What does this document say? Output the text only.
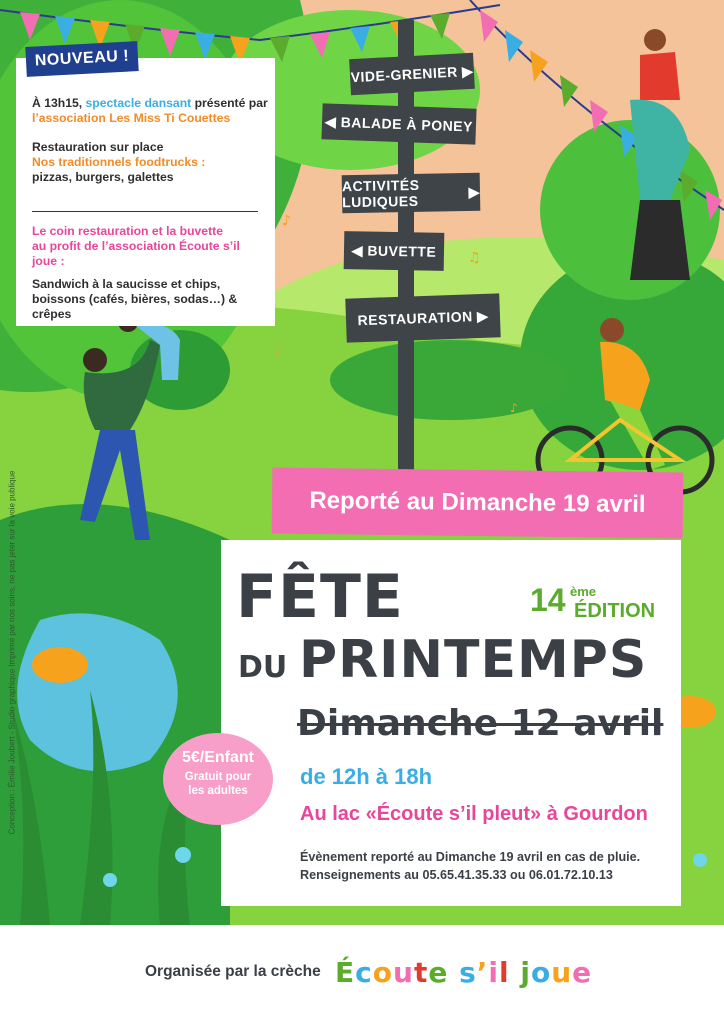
♪
♫
♪
♪
NOUVEAU !
À 13h15, spectacle dansant présenté par
l’association Les Miss Ti Couettes
Restauration sur place
Nos traditionnels foodtrucks :
pizzas, burgers, galettes
Le coin restauration et la buvette
au profit de l’association Écoute s’il joue :
Sandwich à la saucisse et chips,
boissons (cafés, bières, sodas…) & crêpes
VIDE-GRENIER ▶
◀ BALADE À PONEY
ACTIVITÉS LUDIQUES
▶
◀ BUVETTE
RESTAURATION ▶
Reporté au Dimanche 19 avril
FÊTE	14 ème
ÉDITION
DU PRINTEMPS
Dimanche 12 avril
de 12h à 18h
Au lac «Écoute s’il pleut» à Gourdon
Évènement reporté au Dimanche 19 avril en cas de pluie.
Renseignements au 05.65.41.35.33 ou 06.01.72.10.13
5€/Enfant
Gratuit pour
les adultes
Conception : Émilie Joubert - Studio graphique Imprimé par nos soins, ne pas jeter sur la voie publique
Organisée par la crèche Écoute s’il joue
